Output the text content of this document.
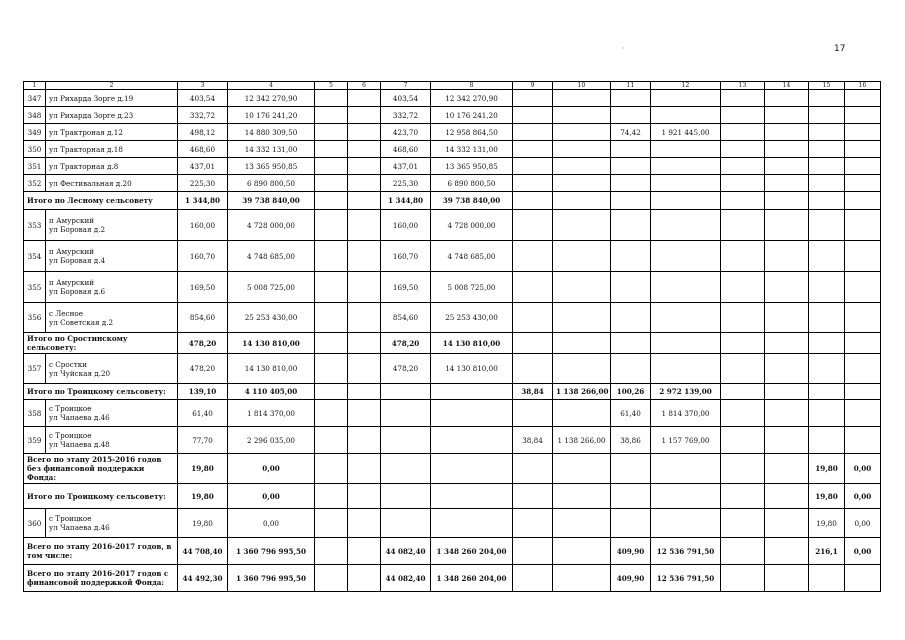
17
·
1	2	3	4	5	6	7	8	9	10	11	12	13	14	15	16
347	ул Рихарда Зорге д.19	403,54	12 342 270,90			403,54	12 342 270,90								
348	ул Рихарда Зорге д.23	332,72	10 176 241,20			332,72	10 176 241,20								
349	ул Трактроная д.12	498,12	14 880 309,50			423,70	12 958 864,50			74,42	1 921 445,00				
350	ул Тракторная д.18	468,60	14 332 131,00			468,60	14 332 131,00								
351	ул Тракторная д.8	437,01	13 365 950,85			437,01	13 365 950,85								
352	ул Фестивальная д.20	225,30	6 890 800,50			225,30	6 890 800,50								
Итого по Лесному сельсовету		1 344,80	39 738 840,00			1 344,80	39 738 840,00								
353	п Амурский
ул Боровая д.2	160,00	4 728 000,00			160,00	4 728 000,00								
354	п Амурский
ул Боровая д.4	160,70	4 748 685,00			160,70	4 748 685,00								
355	п Амурский
ул Боровая д.6	169,50	5 008 725,00			169,50	5 008 725,00								
356	с Лесное
ул Советская д.2	854,60	25 253 430,00			854,60	25 253 430,00								
Итого по Сростинскому сельсовету:		478,20	14 130 810,00			478,20	14 130 810,00								
357	с Сростки
ул Чуйская д.20	478,20	14 130 810,00			478,20	14 130 810,00								
Итого по Троицкому сельсовету:		139,10	4 110 405,00					38,84	1 138 266,00	100,26	2 972 139,00				
358	с Троицкое
ул Чапаева д.46	61,40	1 814 370,00							61,40	1 814 370,00				
359	с Троицкое
ул Чапаева д.48	77,70	2 296 035,00					38,84	1 138 266,00	38,86	1 157 769,00				
Всего по этапу 2015-2016 годов без финансовой поддержки Фонда:		19,80	0,00											19,80	0,00
Итого по Троицкому сельсовету:		19,80	0,00											19,80	0,00
360	с Троицкое
ул Чапаева д.46	19,80	0,00											19,80	0,00
Всего по этапу 2016-2017 годов, в том числе:		44 708,40	1 360 796 995,50			44 082,40	1 348 260 204,00			409,90	12 536 791,50			216,1	0,00
Всего по этапу 2016-2017 годов с финансовой поддержкой Фонда:		44 492,30	1 360 796 995,50			44 082,40	1 348 260 204,00			409,90	12 536 791,50				
